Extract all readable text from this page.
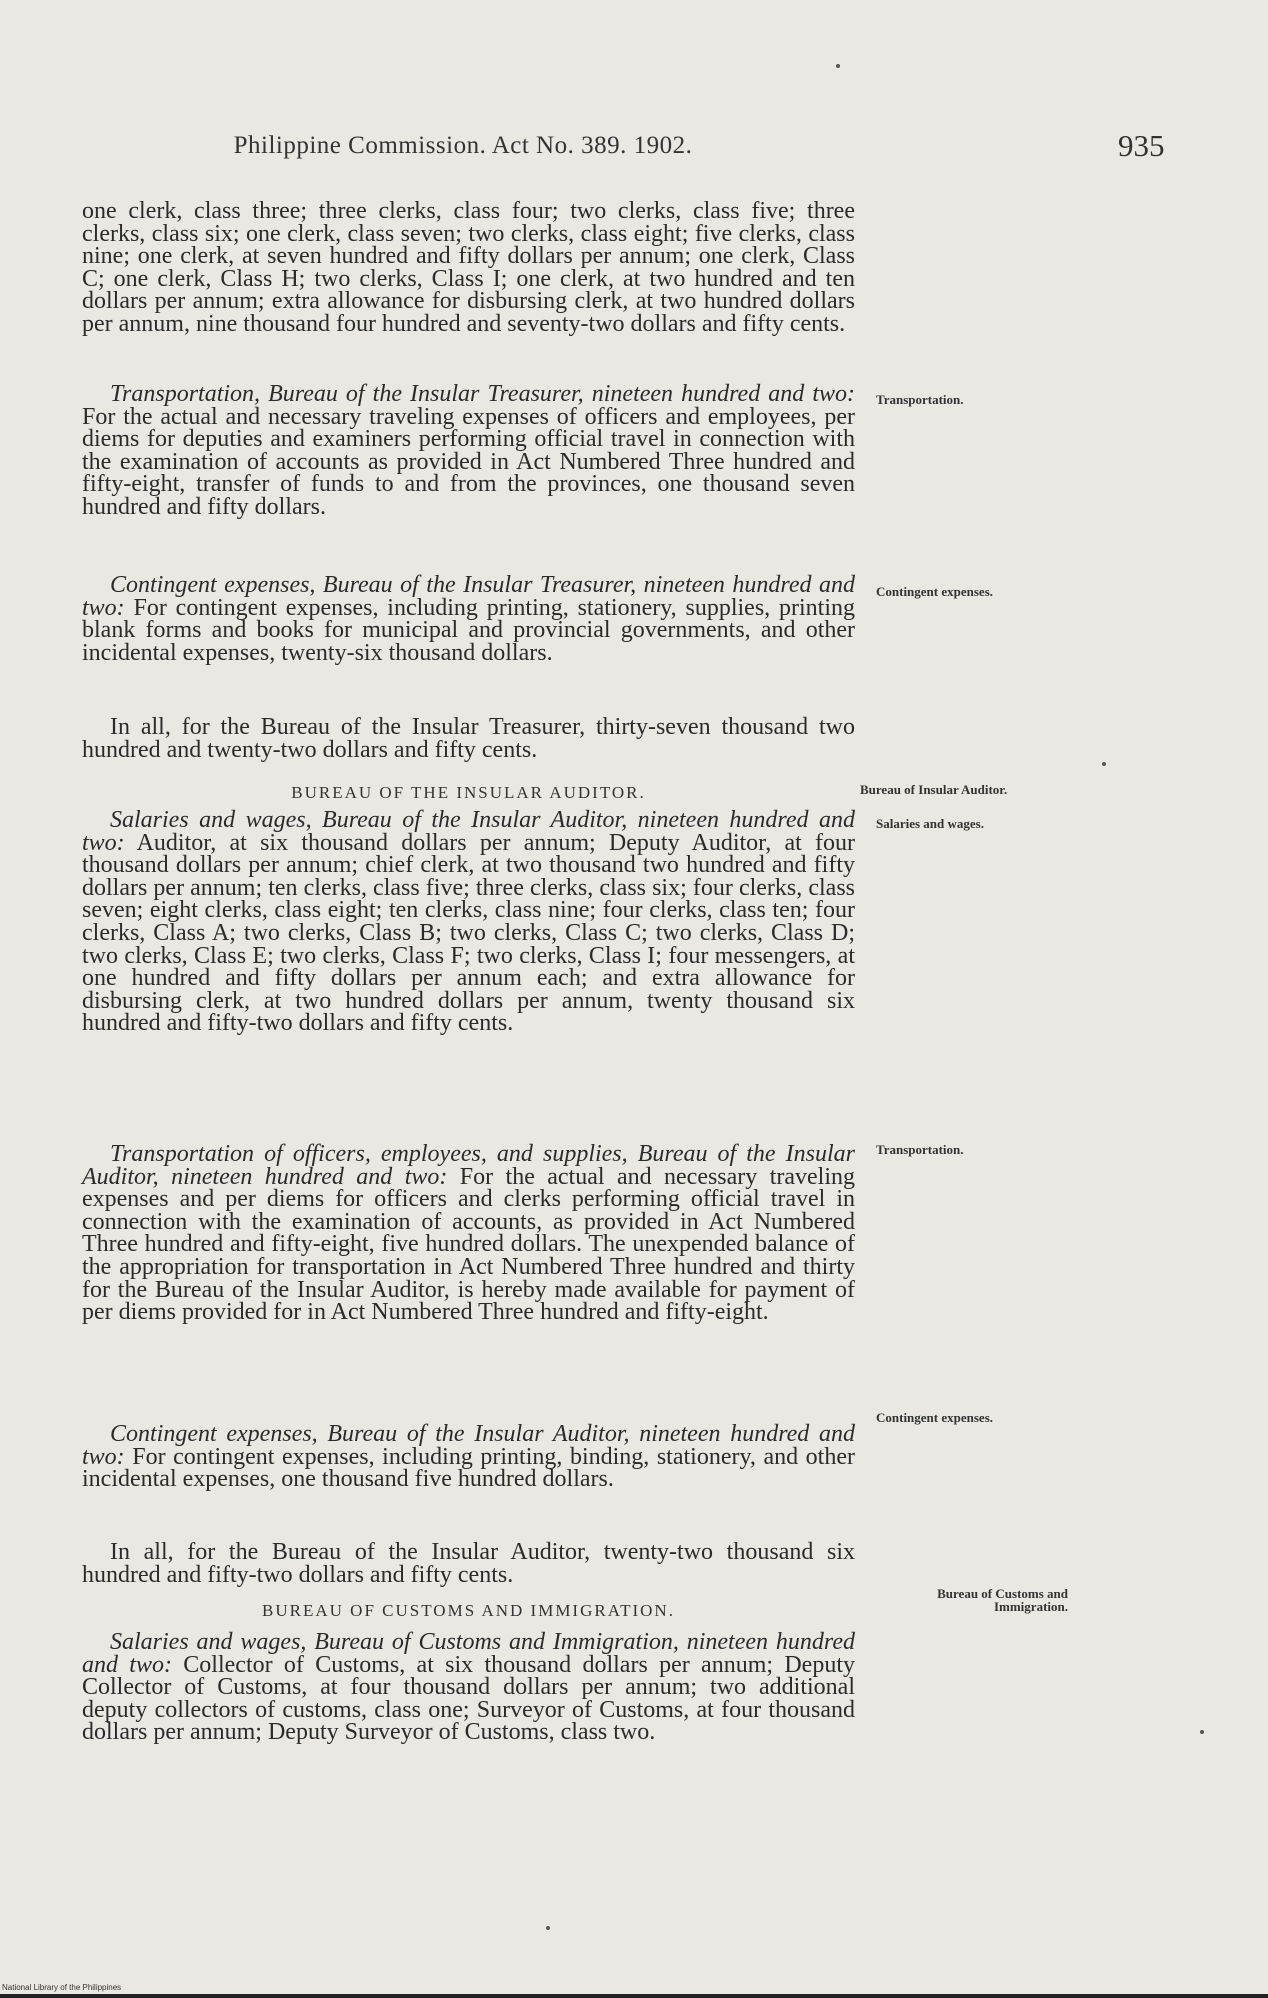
Philippine Commission. Act No. 389. 1902.	935

one clerk, class three; three clerks, class four; two clerks, class five; three clerks, class six; one clerk, class seven; two clerks, class eight; five clerks, class nine; one clerk, at seven hundred and fifty dollars per annum; one clerk, Class C; one clerk, Class H; two clerks, Class I; one clerk, at two hundred and ten dollars per annum; extra allowance for disbursing clerk, at two hundred dollars per annum, nine thousand four hundred and seventy-two dollars and fifty cents.

Transportation, Bureau of the Insular Treasurer, nineteen hundred and two: For the actual and necessary traveling expenses of officers and employees, per diems for deputies and examiners performing official travel in connection with the examination of accounts as provided in Act Numbered Three hundred and fifty-eight, transfer of funds to and from the provinces, one thousand seven hundred and fifty dollars.

Contingent expenses, Bureau of the Insular Treasurer, nineteen hundred and two: For contingent expenses, including printing, stationery, supplies, printing blank forms and books for municipal and provincial governments, and other incidental expenses, twenty-six thousand dollars.

In all, for the Bureau of the Insular Treasurer, thirty-seven thousand two hundred and twenty-two dollars and fifty cents.

BUREAU OF THE INSULAR AUDITOR.

Salaries and wages, Bureau of the Insular Auditor, nineteen hundred and two: Auditor, at six thousand dollars per annum; Deputy Auditor, at four thousand dollars per annum; chief clerk, at two thousand two hundred and fifty dollars per annum; ten clerks, class five; three clerks, class six; four clerks, class seven; eight clerks, class eight; ten clerks, class nine; four clerks, class ten; four clerks, Class A; two clerks, Class B; two clerks, Class C; two clerks, Class D; two clerks, Class E; two clerks, Class F; two clerks, Class I; four messengers, at one hundred and fifty dollars per annum each; and extra allowance for disbursing clerk, at two hundred dollars per annum, twenty thousand six hundred and fifty-two dollars and fifty cents.

Transportation of officers, employees, and supplies, Bureau of the Insular Auditor, nineteen hundred and two: For the actual and necessary traveling expenses and per diems for officers and clerks performing official travel in connection with the examination of accounts, as provided in Act Numbered Three hundred and fifty-eight, five hundred dollars. The unexpended balance of the appropriation for transportation in Act Numbered Three hundred and thirty for the Bureau of the Insular Auditor, is hereby made available for payment of per diems provided for in Act Numbered Three hundred and fifty-eight.

Contingent expenses, Bureau of the Insular Auditor, nineteen hundred and two: For contingent expenses, including printing, binding, stationery, and other incidental expenses, one thousand five hundred dollars.

In all, for the Bureau of the Insular Auditor, twenty-two thousand six hundred and fifty-two dollars and fifty cents.

BUREAU OF CUSTOMS AND IMMIGRATION.

Salaries and wages, Bureau of Customs and Immigration, nineteen hundred and two: Collector of Customs, at six thousand dollars per annum; Deputy Collector of Customs, at four thousand dollars per annum; two additional deputy collectors of customs, class one; Surveyor of Customs, at four thousand dollars per annum; Deputy Surveyor of Customs, class two.

Transportation.
Contingent expenses.
Bureau of Insular Auditor.
Salaries and wages.
Transportation.
Contingent expenses.
Bureau of Customs and Immigration.
National Library of the Philippines
